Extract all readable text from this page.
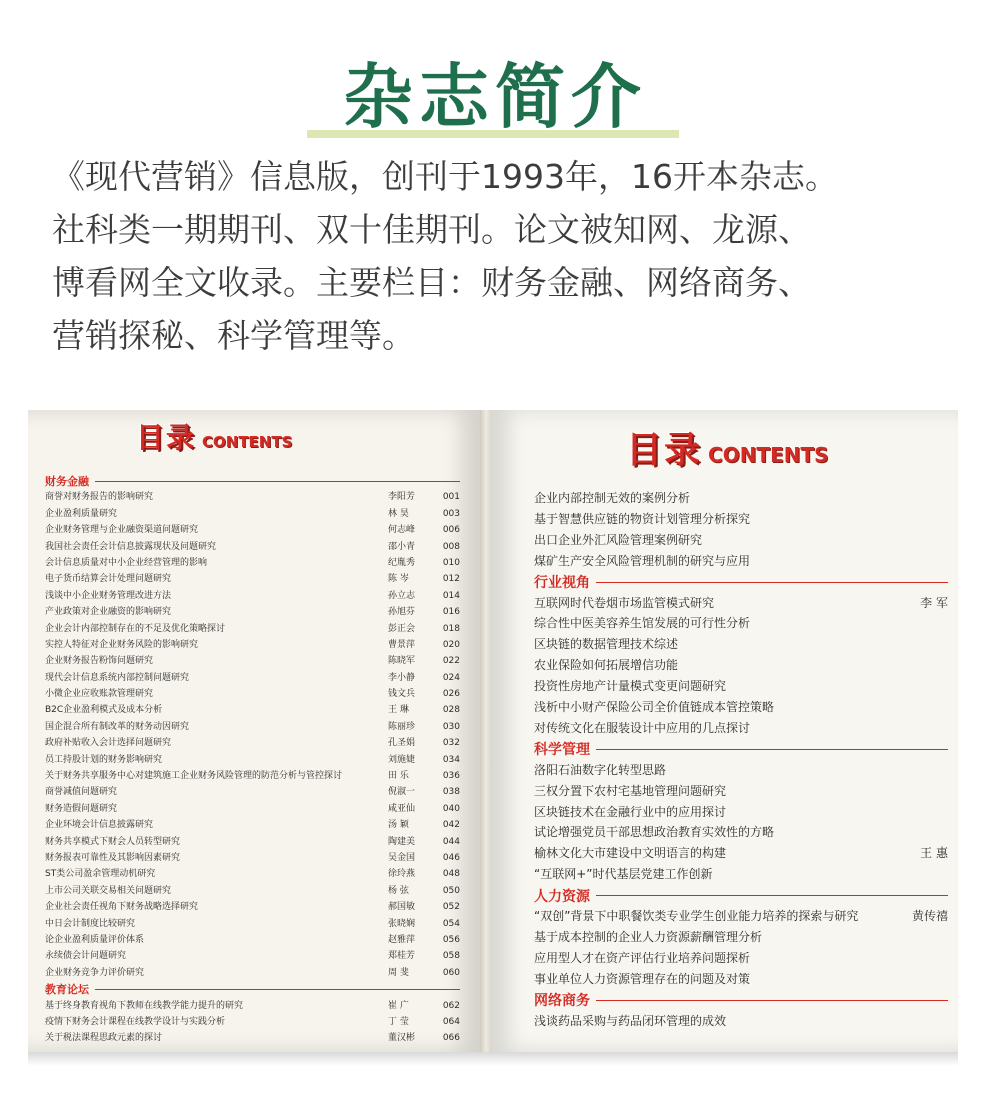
杂志简介
《现代营销》信息版，创刊于1993年，16开本杂志。
社科类一期期刊、双十佳期刊。论文被知网、龙源、
博看网全文收录。主要栏目：财务金融、网络商务、
营销探秘、科学管理等。
目录 CONTENTS
财务金融
商誉对财务报告的影响研究	李阳芳	001
企业盈利质量研究	林 昊	003
企业财务管理与企业融资渠道问题研究	何志峰	006
我国社会责任会计信息披露现状及问题研究	邵小青	008
会计信息质量对中小企业经营管理的影响	纪胤秀	010
电子货币结算会计处理问题研究	陈 岑	012
浅谈中小企业财务管理改进方法	孙立志	014
产业政策对企业融资的影响研究	孙旭芬	016
企业会计内部控制存在的不足及优化策略探讨	彭正会	018
实控人特征对企业财务风险的影响研究	曹景萍	020
企业财务报告粉饰问题研究	陈晓军	022
现代会计信息系统内部控制问题研究	李小静	024
小微企业应收账款管理研究	钱文兵	026
B2C企业盈利模式及成本分析	王 琳	028
国企混合所有制改革的财务动因研究	陈丽珍	030
政府补贴收入会计选择问题研究	孔圣娟	032
员工持股计划的财务影响研究	刘施婕	034
关于财务共享服务中心对建筑施工企业财务风险管理的防范分析与管控探讨	田 乐	036
商誉减值问题研究	倪淑一	038
财务造假问题研究	咸亚仙	040
企业环境会计信息披露研究	汤 颖	042
财务共享模式下财会人员转型研究	陶建美	044
财务报表可靠性及其影响因素研究	吴金国	046
ST类公司盈余管理动机研究	徐玲燕	048
上市公司关联交易相关问题研究	杨 弦	050
企业社会责任视角下财务战略选择研究	郝国敏	052
中日会计制度比较研究	张晓娴	054
论企业盈利质量评价体系	赵雅萍	056
永续债会计问题研究	郑桂芳	058
企业财务竞争力评价研究	周 斐	060
教育论坛
基于终身教育视角下教师在线教学能力提升的研究	崔 广	062
疫情下财务会计课程在线教学设计与实践分析	丁 莹	064
关于税法课程思政元素的探讨	董汉彬	066
目录 CONTENTS
企业内部控制无效的案例分析
基于智慧供应链的物资计划管理分析探究
出口企业外汇风险管理案例研究
煤矿生产安全风险管理机制的研究与应用
行业视角
互联网时代卷烟市场监管模式研究	李 军
综合性中医美容养生馆发展的可行性分析
区块链的数据管理技术综述
农业保险如何拓展增信功能
投资性房地产计量模式变更问题研究
浅析中小财产保险公司全价值链成本管控策略
对传统文化在服装设计中应用的几点探讨
科学管理
洛阳石油数字化转型思路
三权分置下农村宅基地管理问题研究
区块链技术在金融行业中的应用探讨
试论增强党员干部思想政治教育实效性的方略
榆林文化大市建设中文明语言的构建	王 惠
“互联网+”时代基层党建工作创新
人力资源
“双创”背景下中职餐饮类专业学生创业能力培养的探索与研究	黄传禧
基于成本控制的企业人力资源薪酬管理分析
应用型人才在资产评估行业培养问题探析
事业单位人力资源管理存在的问题及对策
网络商务
浅谈药品采购与药品闭环管理的成效
